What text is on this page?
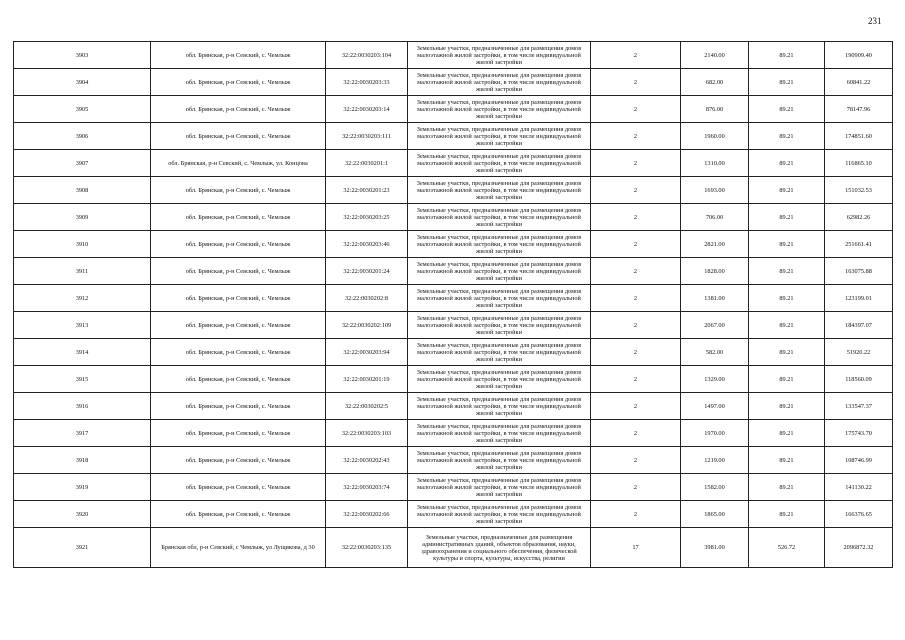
231
3903	обл. Брянская, р-н Севский, с. Чемлыж	32:22:0030203:104	Земельные участки, предназначенные для размещения домов малоэтажной жилой застройки, в том числе индивидуальной жилой застройки	2	2140.00	89.21	190909.40
3904	обл. Брянская, р-н Севский, с. Чемлыж	32:22:0030203:33	Земельные участки, предназначенные для размещения домов малоэтажной жилой застройки, в том числе индивидуальной жилой застройки	2	682.00	89.21	60841.22
3905	обл. Брянская, р-н Севский, с. Чемлыж	32:22:0030203:14	Земельные участки, предназначенные для размещения домов малоэтажной жилой застройки, в том числе индивидуальной жилой застройки	2	876.00	89.21	78147.96
3906	обл. Брянская, р-н Севский, с. Чемлыж	32:22:0030203:111	Земельные участки, предназначенные для размещения домов малоэтажной жилой застройки, в том числе индивидуальной жилой застройки	2	1960.00	89.21	174851.60
3907	обл. Брянская, р-н Севский, с. Чемлыж, ул. Концова	32:22:0030201:1	Земельные участки, предназначенные для размещения домов малоэтажной жилой застройки, в том числе индивидуальной жилой застройки	2	1310.00	89.21	116865.10
3908	обл. Брянская, р-н Севский, с. Чемлыж	32:22:0030201:23	Земельные участки, предназначенные для размещения домов малоэтажной жилой застройки, в том числе индивидуальной жилой застройки	2	1693.00	89.21	151032.53
3909	обл. Брянская, р-н Севский, с. Чемлыж	32:22:0030203:25	Земельные участки, предназначенные для размещения домов малоэтажной жилой застройки, в том числе индивидуальной жилой застройки	2	706.00	89.21	62982.26
3910	обл. Брянская, р-н Севский, с. Чемлыж	32:22:0030203:46	Земельные участки, предназначенные для размещения домов малоэтажной жилой застройки, в том числе индивидуальной жилой застройки	2	2821.00	89.21	251661.41
3911	обл. Брянская, р-н Севский, с. Чемлыж	32:22:0030201:24	Земельные участки, предназначенные для размещения домов малоэтажной жилой застройки, в том числе индивидуальной жилой застройки	2	1828.00	89.21	163075.88
3912	обл. Брянская, р-н Севский, с. Чемлыж	32:22:0030202:8	Земельные участки, предназначенные для размещения домов малоэтажной жилой застройки, в том числе индивидуальной жилой застройки	2	1381.00	89.21	123199.01
3913	обл. Брянская, р-н Севский, с. Чемлыж	32:22:0030202:109	Земельные участки, предназначенные для размещения домов малоэтажной жилой застройки, в том числе индивидуальной жилой застройки	2	2067.00	89.21	184397.07
3914	обл. Брянская, р-н Севский, с. Чемлыж	32:22:0030203:94	Земельные участки, предназначенные для размещения домов малоэтажной жилой застройки, в том числе индивидуальной жилой застройки	2	582.00	89.21	51920.22
3915	обл. Брянская, р-н Севский, с. Чемлыж	32:22:0030201:19	Земельные участки, предназначенные для размещения домов малоэтажной жилой застройки, в том числе индивидуальной жилой застройки	2	1329.00	89.21	118560.09
3916	обл. Брянская, р-н Севский, с. Чемлыж	32:22:0030202:5	Земельные участки, предназначенные для размещения домов малоэтажной жилой застройки, в том числе индивидуальной жилой застройки	2	1497.00	89.21	133547.37
3917	обл. Брянская, р-н Севский, с. Чемлыж	32:22:0030203:103	Земельные участки, предназначенные для размещения домов малоэтажной жилой застройки, в том числе индивидуальной жилой застройки	2	1970.00	89.21	175743.70
3918	обл. Брянская, р-н Севский, с. Чемлыж	32:22:0030202:43	Земельные участки, предназначенные для размещения домов малоэтажной жилой застройки, в том числе индивидуальной жилой застройки	2	1219.00	89.21	108746.99
3919	обл. Брянская, р-н Севский, с. Чемлыж	32:22:0030203:74	Земельные участки, предназначенные для размещения домов малоэтажной жилой застройки, в том числе индивидуальной жилой застройки	2	1582.00	89.21	141130.22
3920	обл. Брянская, р-н Севский, с. Чемлыж	32:22:0030202:66	Земельные участки, предназначенные для размещения домов малоэтажной жилой застройки, в том числе индивидуальной жилой застройки	2	1865.00	89.21	166376.65
3921	Брянская обл, р-н Севский, с Чемлыж, ул Лущикова, д 30	32:22:0030203:135	Земельные участки, предназначенные для размещения административных зданий, объектов образования, науки, здравоохранения и социального обеспечения, физической культуры и спорта, культуры, искусства, религии	17	3981.00	526.72	2096872.32
